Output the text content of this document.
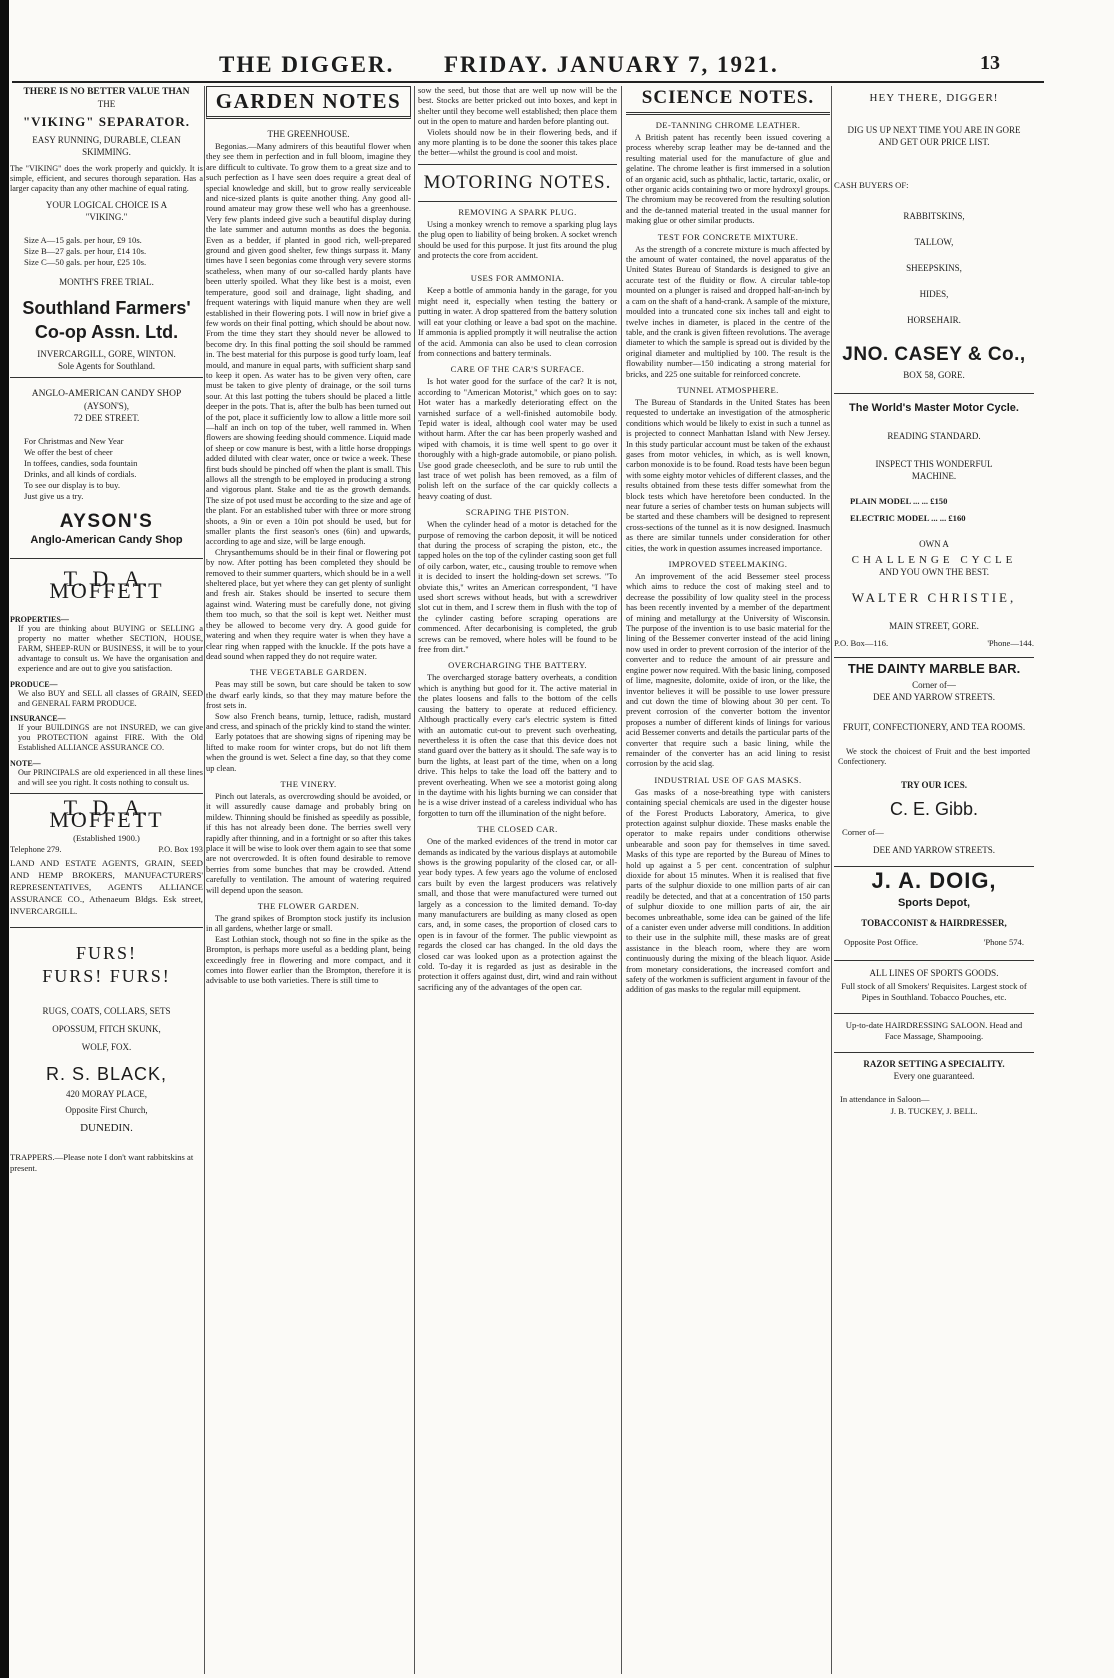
THE DIGGER. FRIDAY. JANUARY 7, 1921.	13

THERE IS NO BETTER VALUE THAN

THE

"VIKING" SEPARATOR.

EASY RUNNING, DURABLE, CLEAN SKIMMING.

The "VIKING" does the work properly and quickly. It is simple, efficient, and secures thorough separation. Has a larger capacity than any other machine of equal rating.

YOUR LOGICAL CHOICE IS A

"VIKING."

Size A—15 gals. per hour, £9 10s.

Size B—27 gals. per hour, £14 10s.

Size C—50 gals. per hour, £25 10s.

MONTH'S FREE TRIAL.

Southland Farmers' Co-op Assn. Ltd.

INVERCARGILL, GORE, WINTON.

Sole Agents for Southland.

ANGLO-AMERICAN CANDY SHOP

(AYSON'S),

72 DEE STREET.

For Christmas and New Year

We offer the best of cheer

In toffees, candies, soda fountain

Drinks, and all kinds of cordials.

To see our display is to buy.

Just give us a try.

AYSON'S

Anglo-American Candy Shop

T. D. A. MOFFETT

PROPERTIES—

If you are thinking about BUYING or SELLING a property no matter whether SECTION, HOUSE, FARM, SHEEP-RUN or BUSINESS, it will be to your advantage to consult us. We have the organisation and experience and are out to give you satisfaction.

PRODUCE—

We also BUY and SELL all classes of GRAIN, SEED and GENERAL FARM PRODUCE.

INSURANCE—

If your BUILDINGS are not INSURED, we can give you PROTECTION against FIRE. With the Old Established ALLIANCE ASSURANCE CO.

NOTE—

Our PRINCIPALS are old experienced in all these lines and will see you right. It costs nothing to consult us.

T. D. A. MOFFETT

(Established 1900.)

Telephone 279.	P.O. Box 193

LAND AND ESTATE AGENTS, GRAIN, SEED AND HEMP BROKERS, MANUFACTURERS' REPRESENTATIVES, AGENTS ALLIANCE ASSURANCE CO., Athenaeum Bldgs. Esk street, INVERCARGILL.

FURS!

FURS! FURS!

RUGS, COATS, COLLARS, SETS

OPOSSUM, FITCH SKUNK,

WOLF, FOX.

R. S. BLACK,

420 MORAY PLACE,

Opposite First Church,

DUNEDIN.

TRAPPERS.—Please note I don't want rabbitskins at present.

GARDEN NOTES

THE GREENHOUSE.

Begonias.—Many admirers of this beautiful flower when they see them in perfection and in full bloom, imagine they are difficult to cultivate. To grow them to a great size and to such perfection as I have seen does require a great deal of special knowledge and skill, but to grow really serviceable and nice-sized plants is quite another thing. Any good all-round amateur may grow these well who has a greenhouse. Very few plants indeed give such a beautiful display during the late summer and autumn months as does the begonia. Even as a bedder, if planted in good rich, well-prepared ground and given good shelter, few things surpass it. Many times have I seen begonias come through very severe storms scatheless, when many of our so-called hardy plants have been utterly spoiled. What they like best is a moist, even temperature, good soil and drainage, light shading, and frequent waterings with liquid manure when they are well established in their flowering pots. I will now in brief give a few words on their final potting, which should be about now. From the time they start they should never be allowed to become dry. In this final potting the soil should be rammed in. The best material for this purpose is good turfy loam, leaf mould, and manure in equal parts, with sufficient sharp sand to keep it open. As water has to be given very often, care must be taken to give plenty of drainage, or the soil turns sour. At this last potting the tubers should be placed a little deeper in the pots. That is, after the bulb has been turned out of the pot, place it sufficiently low to allow a little more soil—half an inch on top of the tuber, well rammed in. When flowers are showing feeding should commence. Liquid made of sheep or cow manure is best, with a little horse droppings added diluted with clear water, once or twice a week. These first buds should be pinched off when the plant is small. This allows all the strength to be employed in producing a strong and vigorous plant. Stake and tie as the growth demands. The size of pot used must be according to the size and age of the plant. For an established tuber with three or more strong shoots, a 9in or even a 10in pot should be used, but for smaller plants the first season's ones (6in) and upwards, according to age and size, will be large enough.

Chrysanthemums should be in their final or flowering pot by now. After potting has been completed they should be removed to their summer quarters, which should be in a well sheltered place, but yet where they can get plenty of sunlight and fresh air. Stakes should be inserted to secure them against wind. Watering must be carefully done, not giving them too much, so that the soil is kept wet. Neither must they be allowed to become very dry. A good guide for watering and when they require water is when they have a clear ring when rapped with the knuckle. If the pots have a dead sound when rapped they do not require water.

THE VEGETABLE GARDEN.

Peas may still be sown, but care should be taken to sow the dwarf early kinds, so that they may mature before the frost sets in.

Sow also French beans, turnip, lettuce, radish, mustard and cress, and spinach of the prickly kind to stand the winter.

Early potatoes that are showing signs of ripening may be lifted to make room for winter crops, but do not lift them when the ground is wet. Select a fine day, so that they come up clean.

THE VINERY.

Pinch out laterals, as overcrowding should be avoided, or it will assuredly cause damage and probably bring on mildew. Thinning should be finished as speedily as possible, if this has not already been done. The berries swell very rapidly after thinning, and in a fortnight or so after this takes place it will be wise to look over them again to see that some are not overcrowded. It is often found desirable to remove berries from some bunches that may be crowded. Attend carefully to ventilation. The amount of watering required will depend upon the season.

THE FLOWER GARDEN.

The grand spikes of Brompton stock justify its inclusion in all gardens, whether large or small.

East Lothian stock, though not so fine in the spike as the Brompton, is perhaps more useful as a bedding plant, being exceedingly free in flowering and more compact, and it comes into flower earlier than the Brompton, therefore it is advisable to use both varieties. There is still time to

sow the seed, but those that are well up now will be the best. Stocks are better pricked out into boxes, and kept in shelter until they become well established; then place them out in the open to mature and harden before planting out.

Violets should now be in their flowering beds, and if any more planting is to be done the sooner this takes place the better—whilst the ground is cool and moist.

MOTORING NOTES.

REMOVING A SPARK PLUG.

Using a monkey wrench to remove a sparking plug lays the plug open to liability of being broken. A socket wrench should be used for this purpose. It just fits around the plug and protects the core from accident.

USES FOR AMMONIA.

Keep a bottle of ammonia handy in the garage, for you might need it, especially when testing the battery or putting in water. A drop spattered from the battery solution will eat your clothing or leave a bad spot on the machine. If ammonia is applied promptly it will neutralise the action of the acid. Ammonia can also be used to clean corrosion from connections and battery terminals.

CARE OF THE CAR'S SURFACE.

Is hot water good for the surface of the car? It is not, according to "American Motorist," which goes on to say: Hot water has a markedly deteriorating effect on the varnished surface of a well-finished automobile body. Tepid water is ideal, although cool water may be used without harm. After the car has been properly washed and wiped with chamois, it is time well spent to go over it thoroughly with a high-grade automobile, or piano polish. Use good grade cheesecloth, and be sure to rub until the last trace of wet polish has been removed, as a film of polish left on the surface of the car quickly collects a heavy coating of dust.

SCRAPING THE PISTON.

When the cylinder head of a motor is detached for the purpose of removing the carbon deposit, it will be noticed that during the process of scraping the piston, etc., the tapped holes on the top of the cylinder casting soon get full of oily carbon, water, etc., causing trouble to remove when it is decided to insert the holding-down set screws. "To obviate this," writes an American correspondent, "I have used short screws without heads, but with a screwdriver slot cut in them, and I screw them in flush with the top of the cylinder casting before scraping operations are commenced. After decarbonising is completed, the grub screws can be removed, where holes will be found to be free from dirt."

OVERCHARGING THE BATTERY.

The overcharged storage battery overheats, a condition which is anything but good for it. The active material in the plates loosens and falls to the bottom of the cells causing the battery to operate at reduced efficiency. Although practically every car's electric system is fitted with an automatic cut-out to prevent such overheating, nevertheless it is often the case that this device does not stand guard over the battery as it should. The safe way is to burn the lights, at least part of the time, when on a long drive. This helps to take the load off the battery and to prevent overheating. When we see a motorist going along in the daytime with his lights burning we can consider that he is a wise driver instead of a careless individual who has forgotten to turn off the illumination of the night before.

THE CLOSED CAR.

One of the marked evidences of the trend in motor car demands as indicated by the various displays at automobile shows is the growing popularity of the closed car, or all-year body types. A few years ago the volume of enclosed cars built by even the largest producers was relatively small, and those that were manufactured were turned out largely as a concession to the limited demand. To-day many manufacturers are building as many closed as open cars, and, in some cases, the proportion of closed cars to open is in favour of the former. The public viewpoint as regards the closed car has changed. In the old days the closed car was looked upon as a protection against the cold. To-day it is regarded as just as desirable in the protection it offers against dust, dirt, wind and rain without sacrificing any of the advantages of the open car.

SCIENCE NOTES.

DE-TANNING CHROME LEATHER.

A British patent has recently been issued covering a process whereby scrap leather may be de-tanned and the resulting material used for the manufacture of glue and gelatine. The chrome leather is first immersed in a solution of an organic acid, such as phthalic, lactic, tartaric, oxalic, or other organic acids containing two or more hydroxyl groups. The chromium may be recovered from the resulting solution and the de-tanned material treated in the usual manner for making glue or other similar products.

TEST FOR CONCRETE MIXTURE.

As the strength of a concrete mixture is much affected by the amount of water contained, the novel apparatus of the United States Bureau of Standards is designed to give an accurate test of the fluidity or flow. A circular table-top mounted on a plunger is raised and dropped half-an-inch by a cam on the shaft of a hand-crank. A sample of the mixture, moulded into a truncated cone six inches tall and eight to twelve inches in diameter, is placed in the centre of the table, and the crank is given fifteen revolutions. The average diameter to which the sample is spread out is divided by the original diameter and multiplied by 100. The result is the flowability number—150 indicating a strong material for bricks, and 225 one suitable for reinforced concrete.

TUNNEL ATMOSPHERE.

The Bureau of Standards in the United States has been requested to undertake an investigation of the atmospheric conditions which would be likely to exist in such a tunnel as is projected to connect Manhattan Island with New Jersey. In this study particular account must be taken of the exhaust gases from motor vehicles, in which, as is well known, carbon monoxide is to be found. Road tests have been begun with some eighty motor vehicles of different classes, and the results obtained from these tests differ somewhat from the block tests which have heretofore been conducted. In the near future a series of chamber tests on human subjects will be started and these chambers will be designed to represent cross-sections of the tunnel as it is now designed. Inasmuch as there are similar tunnels under consideration for other cities, the work in question assumes increased importance.

IMPROVED STEELMAKING.

An improvement of the acid Bessemer steel process which aims to reduce the cost of making steel and to decrease the possibility of low quality steel in the process has been recently invented by a member of the department of mining and metallurgy at the University of Wisconsin. The purpose of the invention is to use basic material for the lining of the Bessemer converter instead of the acid lining now used in order to prevent corrosion of the interior of the converter and to reduce the amount of air pressure and engine power now required. With the basic lining, composed of lime, magnesite, dolomite, oxide of iron, or the like, the inventor believes it will be possible to use lower pressure and cut down the time of blowing about 30 per cent. To prevent corrosion of the converter bottom the inventor proposes a number of different kinds of linings for various acid Bessemer converts and details the particular parts of the converter that require such a basic lining, while the remainder of the converter has an acid lining to resist corrosion by the acid slag.

INDUSTRIAL USE OF GAS MASKS.

Gas masks of a nose-breathing type with canisters containing special chemicals are used in the digester house of the Forest Products Laboratory, America, to give protection against sulphur dioxide. These masks enable the operator to make repairs under conditions otherwise unbearable and soon pay for themselves in time saved. Masks of this type are reported by the Bureau of Mines to hold up against a 5 per cent. concentration of sulphur dioxide for about 15 minutes. When it is realised that five parts of the sulphur dioxide to one million parts of air can readily be detected, and that at a concentration of 150 parts of sulphur dioxide to one million parts of air, the air becomes unbreathable, some idea can be gained of the life of a canister even under adverse mill conditions. In addition to their use in the sulphite mill, these masks are of great assistance in the bleach room, where they are worn continuously during the mixing of the bleach liquor. Aside from monetary considerations, the increased comfort and safety of the workmen is sufficient argument in favour of the addition of gas masks to the regular mill equipment.

HEY THERE, DIGGER!

DIG US UP NEXT TIME YOU ARE IN GORE AND GET OUR PRICE LIST.

CASH BUYERS OF:

RABBITSKINS,

TALLOW,

SHEEPSKINS,

HIDES,

HORSEHAIR.

JNO. CASEY & Co.,

BOX 58, GORE.

The World's Master Motor Cycle.

READING STANDARD.

INSPECT THIS WONDERFUL MACHINE.

PLAIN MODEL ... ... £150

ELECTRIC MODEL ... ... £160

OWN A

CHALLENGE CYCLE

AND YOU OWN THE BEST.

WALTER CHRISTIE,

MAIN STREET, GORE.

P.O. Box—116.	'Phone—144.

THE DAINTY MARBLE BAR.

Corner of—

DEE AND YARROW STREETS.

FRUIT, CONFECTIONERY, AND TEA ROOMS.

We stock the choicest of Fruit and the best imported Confectionery.

TRY OUR ICES.

C. E. Gibb.

Corner of—

DEE AND YARROW STREETS.

J. A. DOIG,

Sports Depot,

TOBACCONIST & HAIRDRESSER,

Opposite Post Office.	'Phone 574.

ALL LINES OF SPORTS GOODS.

Full stock of all Smokers' Requisites. Largest stock of Pipes in Southland. Tobacco Pouches, etc.

Up-to-date HAIRDRESSING SALOON. Head and Face Massage, Shampooing.

RAZOR SETTING A SPECIALITY.

Every one guaranteed.

In attendance in Saloon—

J. B. TUCKEY, J. BELL.
